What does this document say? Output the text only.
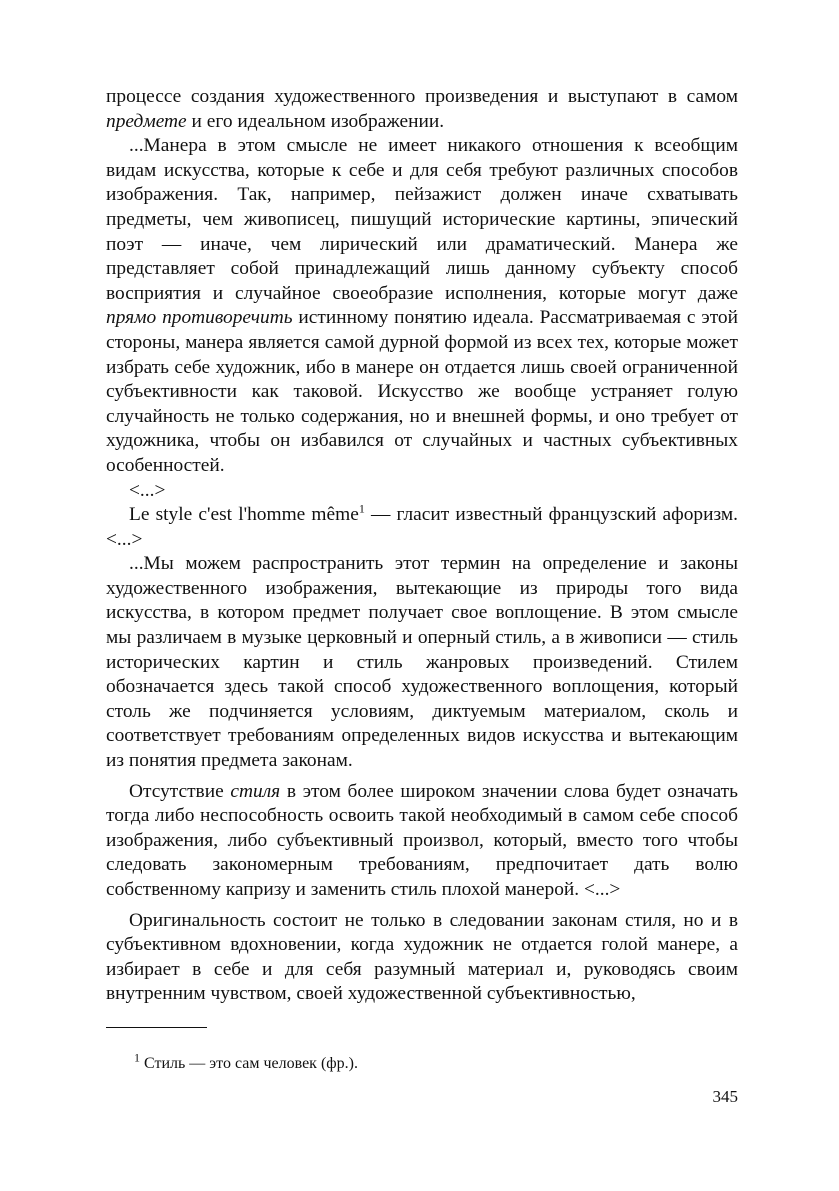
процессе создания художественного произведения и выступают в самом предмете и его идеальном изображении.

...Манера в этом смысле не имеет никакого отношения к всеобщим видам искусства, которые к себе и для себя требуют различных способов изображения. Так, например, пейзажист должен иначе схватывать предметы, чем живописец, пишущий исторические картины, эпический поэт — иначе, чем лирический или драматический. Манера же представляет собой принадлежащий лишь данному субъекту способ восприятия и случайное своеобразие исполнения, которые могут даже прямо противоречить истинному понятию идеала. Рассматриваемая с этой стороны, манера является самой дурной формой из всех тех, которые может избрать себе художник, ибо в манере он отдается лишь своей ограниченной субъективности как таковой. Искусство же вообще устраняет голую случайность не только содержания, но и внешней формы, и оно требует от художника, чтобы он избавился от случайных и частных субъективных особенностей.

<...>

Le style c'est l'homme même$^1$ — гласит известный французский афоризм. <...>

...Мы можем распространить этот термин на определение и законы художественного изображения, вытекающие из природы того вида искусства, в котором предмет получает свое воплощение. В этом смысле мы различаем в музыке церковный и оперный стиль, а в живописи — стиль исторических картин и стиль жанровых произведений. Стилем обозначается здесь такой способ художественного воплощения, который столь же подчиняется условиям, диктуемым материалом, сколь и соответствует требованиям определенных видов искусства и вытекающим из понятия предмета законам.

Отсутствие стиля в этом более широком значении слова будет означать тогда либо неспособность освоить такой необходимый в самом себе способ изображения, либо субъективный произвол, который, вместо того чтобы следовать закономерным требованиям, предпочитает дать волю собственному капризу и заменить стиль плохой манерой. <...>

Оригинальность состоит не только в следовании законам стиля, но и в субъективном вдохновении, когда художник не отдается голой манере, а избирает в себе и для себя разумный материал и, руководясь своим внутренним чувством, своей художественной субъективностью,

$^1$ Стиль — это сам человек (фр.).
345
